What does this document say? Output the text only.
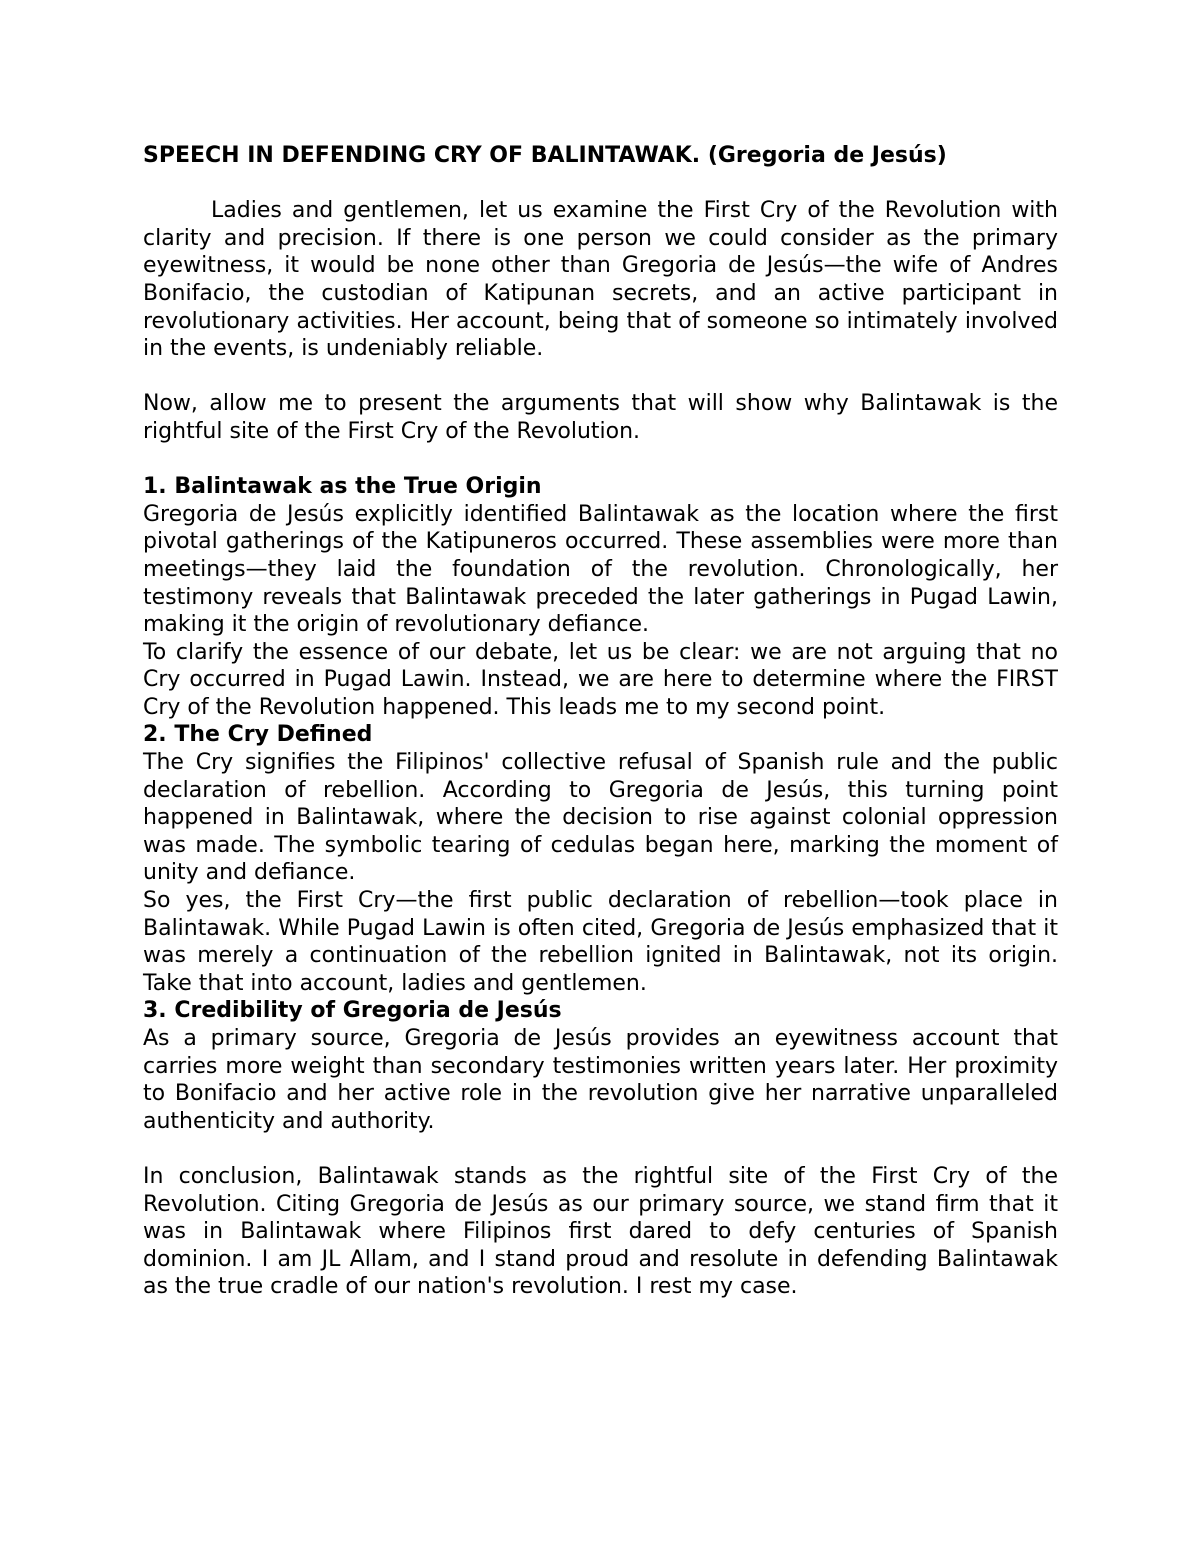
SPEECH IN DEFENDING CRY OF BALINTAWAK. (Gregoria de Jesús)

Ladies and gentlemen, let us examine the First Cry of the Revolution with clarity and precision. If there is one person we could consider as the primary eyewitness, it would be none other than Gregoria de Jesús—the wife of Andres Bonifacio, the custodian of Katipunan secrets, and an active participant in revolutionary activities. Her account, being that of someone so intimately involved in the events, is undeniably reliable.

Now, allow me to present the arguments that will show why Balintawak is the rightful site of the First Cry of the Revolution.

1. Balintawak as the True Origin

Gregoria de Jesús explicitly identified Balintawak as the location where the first pivotal gatherings of the Katipuneros occurred. These assemblies were more than meetings—they laid the foundation of the revolution. Chronologically, her testimony reveals that Balintawak preceded the later gatherings in Pugad Lawin, making it the origin of revolutionary defiance.

To clarify the essence of our debate, let us be clear: we are not arguing that no Cry occurred in Pugad Lawin. Instead, we are here to determine where the FIRST Cry of the Revolution happened. This leads me to my second point.

2. The Cry Defined

The Cry signifies the Filipinos' collective refusal of Spanish rule and the public declaration of rebellion. According to Gregoria de Jesús, this turning point happened in Balintawak, where the decision to rise against colonial oppression was made. The symbolic tearing of cedulas began here, marking the moment of unity and defiance.

So yes, the First Cry—the first public declaration of rebellion—took place in Balintawak. While Pugad Lawin is often cited, Gregoria de Jesús emphasized that it was merely a continuation of the rebellion ignited in Balintawak, not its origin. Take that into account, ladies and gentlemen.

3. Credibility of Gregoria de Jesús

As a primary source, Gregoria de Jesús provides an eyewitness account that carries more weight than secondary testimonies written years later. Her proximity to Bonifacio and her active role in the revolution give her narrative unparalleled authenticity and authority.

In conclusion, Balintawak stands as the rightful site of the First Cry of the Revolution. Citing Gregoria de Jesús as our primary source, we stand firm that it was in Balintawak where Filipinos first dared to defy centuries of Spanish dominion. I am JL Allam, and I stand proud and resolute in defending Balintawak as the true cradle of our nation's revolution. I rest my case.
